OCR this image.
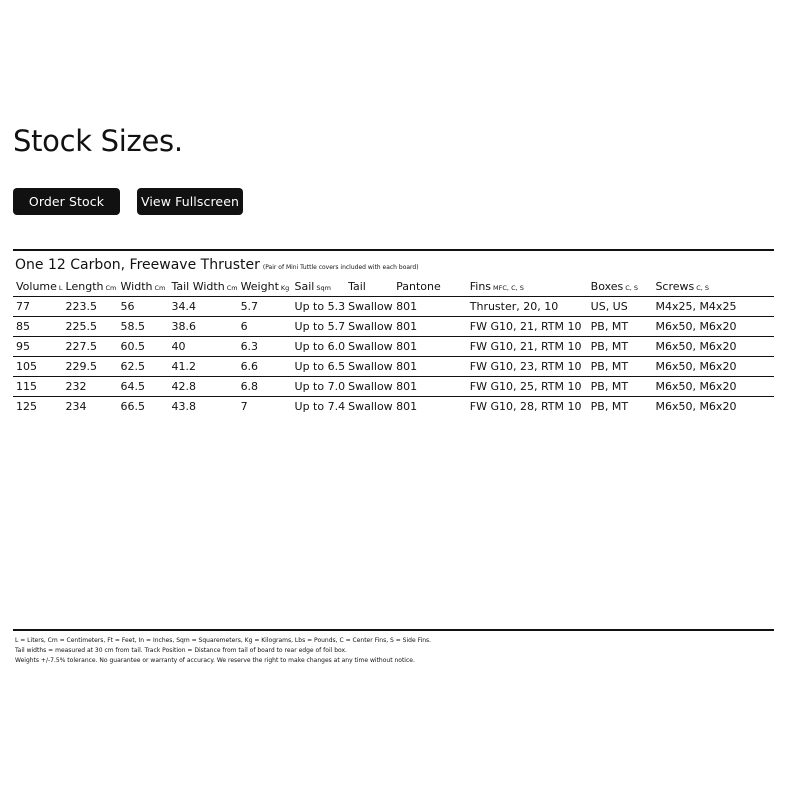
Stock Sizes.
Order Stock	View Fullscreen
One 12 Carbon, Freewave Thruster (Pair of Mini Tuttle covers included with each board)
Volume L	Length Cm	Width Cm	Tail Width Cm	Weight Kg	Sail Sqm	Tail	Pantone	Fins MFC, C, S	Boxes C, S	Screws C, S
77	223.5	56	34.4	5.7	Up to 5.3	Swallow	801	Thruster, 20, 10	US, US	M4x25, M4x25
85	225.5	58.5	38.6	6	Up to 5.7	Swallow	801	FW G10, 21, RTM 10	PB, MT	M6x50, M6x20
95	227.5	60.5	40	6.3	Up to 6.0	Swallow	801	FW G10, 21, RTM 10	PB, MT	M6x50, M6x20
105	229.5	62.5	41.2	6.6	Up to 6.5	Swallow	801	FW G10, 23, RTM 10	PB, MT	M6x50, M6x20
115	232	64.5	42.8	6.8	Up to 7.0	Swallow	801	FW G10, 25, RTM 10	PB, MT	M6x50, M6x20
125	234	66.5	43.8	7	Up to 7.4	Swallow	801	FW G10, 28, RTM 10	PB, MT	M6x50, M6x20
L = Liters, Cm = Centimeters, Ft = Feet, In = Inches, Sqm = Squaremeters, Kg = Kilograms, Lbs = Pounds, C = Center Fins, S = Side Fins.
Tail widths = measured at 30 cm from tail. Track Position = Distance from tail of board to rear edge of foil box.
Weights +/-7.5% tolerance. No guarantee or warranty of accuracy. We reserve the right to make changes at any time without notice.
